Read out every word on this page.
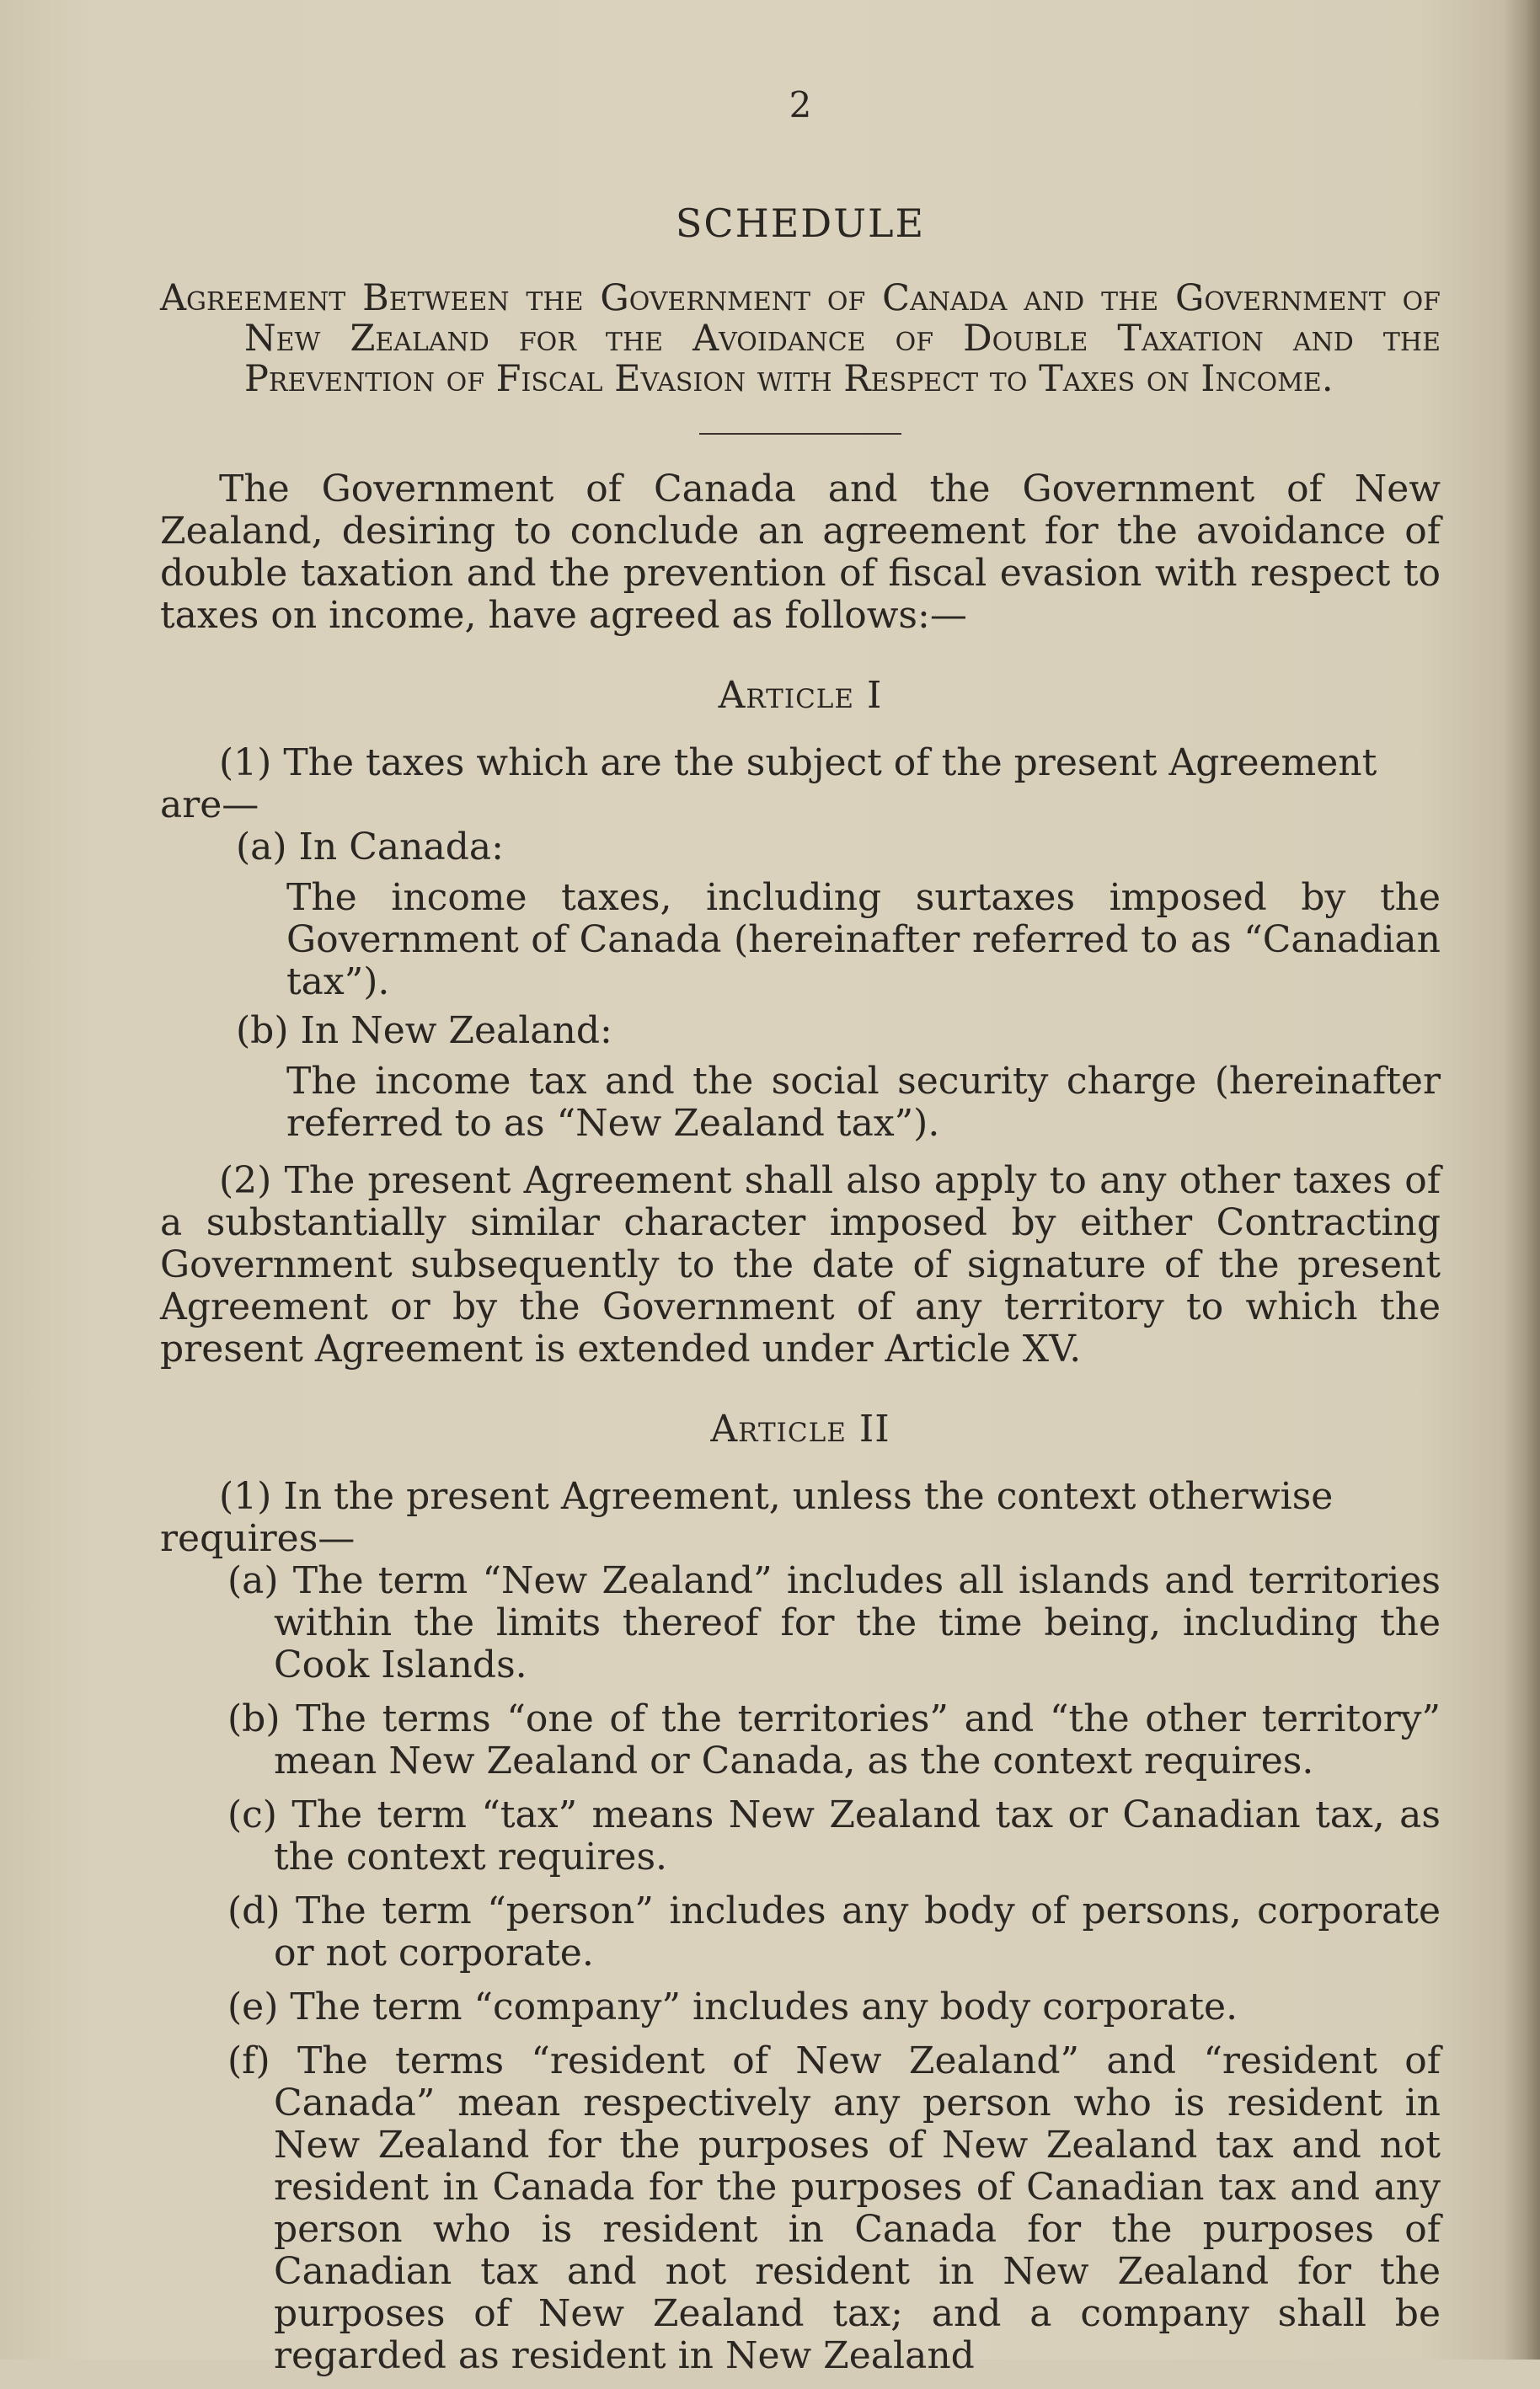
2
SCHEDULE
Agreement Between the Government of Canada and the Government of New Zealand for the Avoidance of Double Taxation and the Prevention of Fiscal Evasion with Respect to Taxes on Income.

The Government of Canada and the Government of New Zealand, desiring to conclude an agreement for the avoidance of double taxation and the prevention of fiscal evasion with respect to taxes on income, have agreed as follows:—

Article I

(1) The taxes which are the subject of the present Agreement are—

(a) In Canada:

The income taxes, including surtaxes imposed by the Government of Canada (hereinafter referred to as “Canadian tax”).

(b) In New Zealand:

The income tax and the social security charge (hereinafter referred to as “New Zealand tax”).

(2) The present Agreement shall also apply to any other taxes of a substantially similar character imposed by either Contracting Government subsequently to the date of signature of the present Agreement or by the Government of any territory to which the present Agreement is extended under Article XV.

Article II

(1) In the present Agreement, unless the context otherwise requires—

(a) The term “New Zealand” includes all islands and territories within the limits thereof for the time being, including the Cook Islands.

(b) The terms “one of the territories” and “the other territory” mean New Zealand or Canada, as the context requires.

(c) The term “tax” means New Zealand tax or Canadian tax, as the context requires.

(d) The term “person” includes any body of persons, corporate or not corporate.

(e) The term “company” includes any body corporate.

(f) The terms “resident of New Zealand” and “resident of Canada” mean respectively any person who is resident in New Zealand for the purposes of New Zealand tax and not resident in Canada for the purposes of Canadian tax and any person who is resident in Canada for the purposes of Canadian tax and not resident in New Zealand for the purposes of New Zealand tax; and a company shall be regarded as resident in New Zealand
